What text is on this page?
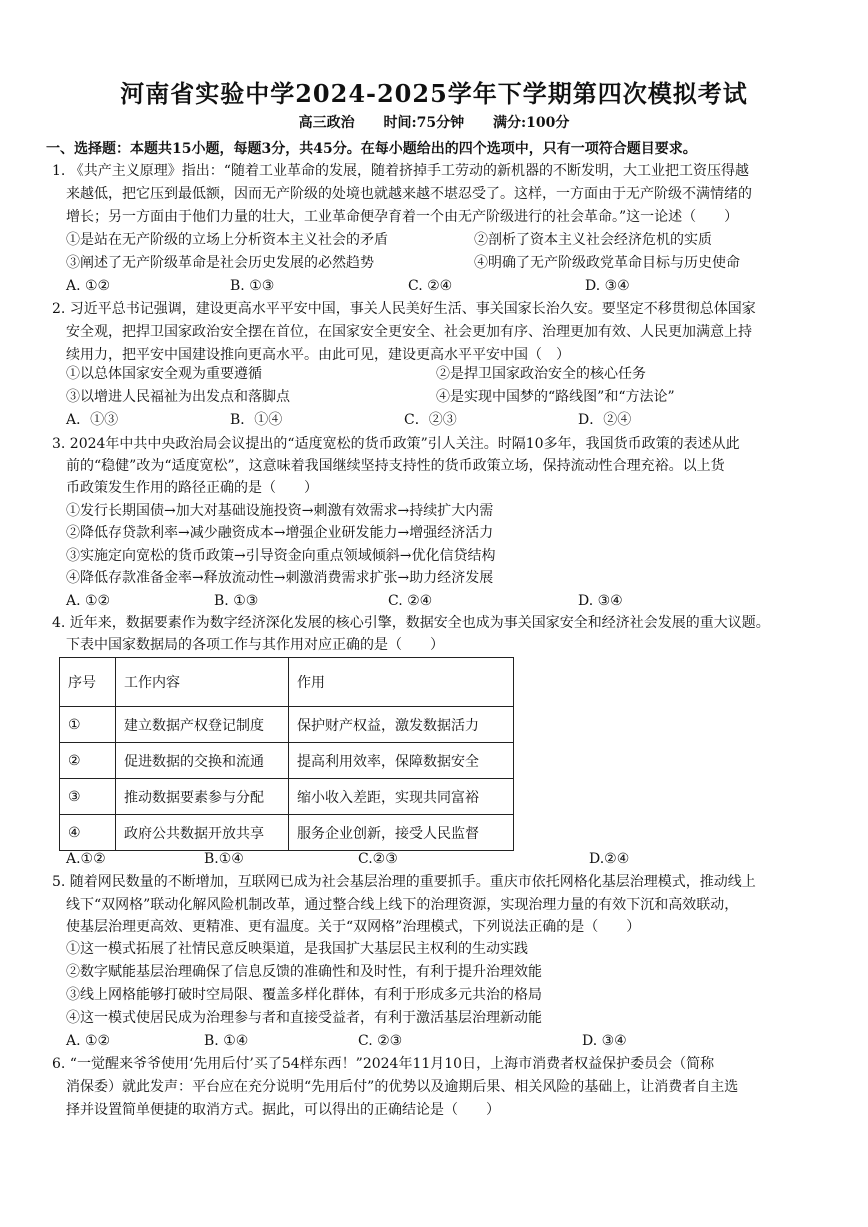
河南省实验中学2024-2025学年下学期第四次模拟考试
高三政治 时间:75分钟 满分:100分
一、选择题：本题共15小题，每题3分，共45分。在每小题给出的四个选项中，只有一项符合题目要求。
1. 《共产主义原理》指出：“随着工业革命的发展，随着挤掉手工劳动的新机器的不断发明，大工业把工资压得越
来越低，把它压到最低额，因而无产阶级的处境也就越来越不堪忍受了。这样，一方面由于无产阶级不满情绪的
增长；另一方面由于他们力量的壮大，工业革命便孕育着一个由无产阶级进行的社会革命。”这一论述（　　）
①是站在无产阶级的立场上分析资本主义社会的矛盾	②剖析了资本主义社会经济危机的实质
③阐述了无产阶级革命是社会历史发展的必然趋势	④明确了无产阶级政党革命目标与历史使命
A. ①②	B. ①③	C. ②④	D. ③④
2. 习近平总书记强调，建设更高水平平安中国，事关人民美好生活、事关国家长治久安。要坚定不移贯彻总体国家
安全观，把捍卫国家政治安全摆在首位，在国家安全更安全、社会更加有序、治理更加有效、人民更加满意上持
续用力，把平安中国建设推向更高水平。由此可见，建设更高水平平安中国（　）
①以总体国家安全观为重要遵循	②是捍卫国家政治安全的核心任务
③以增进人民福祉为出发点和落脚点	④是实现中国梦的“路线图”和“方法论”
A．①③	B．①④	C．②③	D．②④
3. 2024年中共中央政治局会议提出的“适度宽松的货币政策”引人关注。时隔10多年，我国货币政策的表述从此
前的“稳健”改为“适度宽松”，这意味着我国继续坚持支持性的货币政策立场，保持流动性合理充裕。以上货
币政策发生作用的路径正确的是（　　）
①发行长期国债→加大对基础设施投资→刺激有效需求→持续扩大内需
②降低存贷款利率→减少融资成本→增强企业研发能力→增强经济活力
③实施定向宽松的货币政策→引导资金向重点领域倾斜→优化信贷结构
④降低存款准备金率→释放流动性→刺激消费需求扩张→助力经济发展
A. ①②	B. ①③	C. ②④	D. ③④
4. 近年来，数据要素作为数字经济深化发展的核心引擎，数据安全也成为事关国家安全和经济社会发展的重大议题。
下表中国家数据局的各项工作与其作用对应正确的是（　　）
序号	工作内容	作用
①	建立数据产权登记制度	保护财产权益，激发数据活力
②	促进数据的交换和流通	提高利用效率，保障数据安全
③	推动数据要素参与分配	缩小收入差距，实现共同富裕
④	政府公共数据开放共享	服务企业创新，接受人民监督
A.①②	B.①④	C.②③	D.②④
5. 随着网民数量的不断增加，互联网已成为社会基层治理的重要抓手。重庆市依托网格化基层治理模式，推动线上
线下“双网格”联动化解风险机制改革，通过整合线上线下的治理资源，实现治理力量的有效下沉和高效联动，
使基层治理更高效、更精准、更有温度。关于“双网格”治理模式，下列说法正确的是（　　）
①这一模式拓展了社情民意反映渠道，是我国扩大基层民主权利的生动实践
②数字赋能基层治理确保了信息反馈的准确性和及时性，有利于提升治理效能
③线上网格能够打破时空局限、覆盖多样化群体，有利于形成多元共治的格局
④这一模式使居民成为治理参与者和直接受益者，有利于激活基层治理新动能
A. ①②	B. ①④	C. ②③	D. ③④
6. “一觉醒来爷爷使用‘先用后付’买了54样东西！”2024年11月10日，上海市消费者权益保护委员会（简称
消保委）就此发声：平台应在充分说明“先用后付”的优势以及逾期后果、相关风险的基础上，让消费者自主选
择并设置简单便捷的取消方式。据此，可以得出的正确结论是（　　）
